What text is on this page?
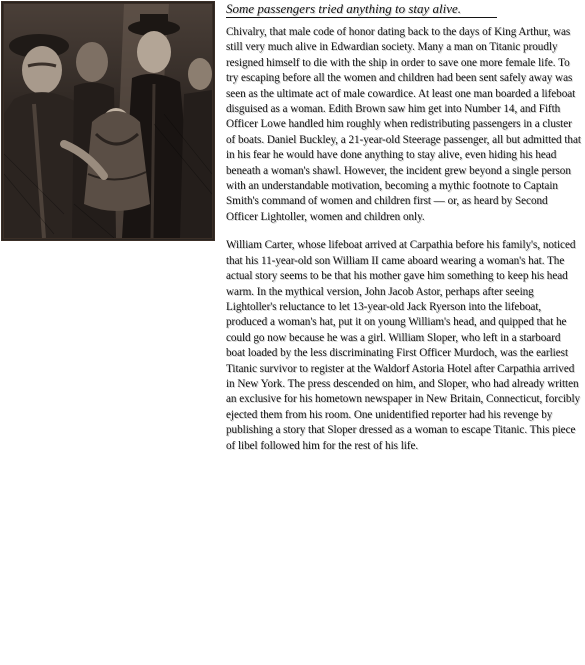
Some passengers tried anything to stay alive.

Chivalry, that male code of honor dating back to the days of King Arthur, was still very much alive in Edwardian society. Many a man on Titanic proudly resigned himself to die with the ship in order to save one more female life. To try escaping before all the women and children had been sent safely away was seen as the ultimate act of male cowardice. At least one man boarded a lifeboat disguised as a woman. Edith Brown saw him get into Number 14, and Fifth Officer Lowe handled him roughly when redistributing passengers in a cluster of boats. Daniel Buckley, a 21-year-old Steerage passenger, all but admitted that in his fear he would have done anything to stay alive, even hiding his head beneath a woman's shawl. However, the incident grew beyond a single person with an understandable motivation, becoming a mythic footnote to Captain Smith's command of women and children first — or, as heard by Second Officer Lightoller, women and children only.

William Carter, whose lifeboat arrived at Carpathia before his family's, noticed that his 11-year-old son William II came aboard wearing a woman's hat. The actual story seems to be that his mother gave him something to keep his head warm. In the mythical version, John Jacob Astor, perhaps after seeing Lightoller's reluctance to let 13-year-old Jack Ryerson into the lifeboat, produced a woman's hat, put it on young William's head, and quipped that he could go now because he was a girl. William Sloper, who left in a starboard boat loaded by the less discriminating First Officer Murdoch, was the earliest Titanic survivor to register at the Waldorf Astoria Hotel after Carpathia arrived in New York. The press descended on him, and Sloper, who had already written an exclusive for his hometown newspaper in New Britain, Connecticut, forcibly ejected them from his room. One unidentified reporter had his revenge by publishing a story that Sloper dressed as a woman to escape Titanic. This piece of libel followed him for the rest of his life.
